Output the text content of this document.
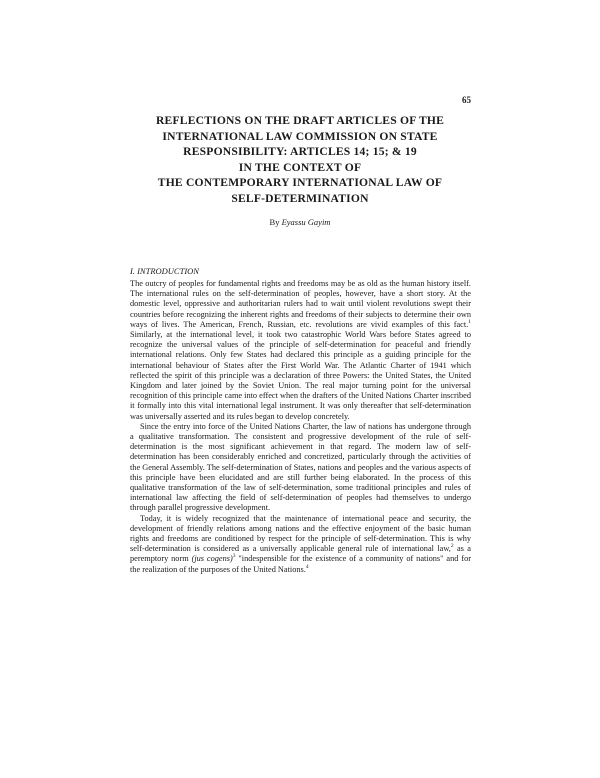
65
REFLECTIONS ON THE DRAFT ARTICLES OF THE
INTERNATIONAL LAW COMMISSION ON STATE
RESPONSIBILITY: ARTICLES 14; 15; & 19
IN THE CONTEXT OF
THE CONTEMPORARY INTERNATIONAL LAW OF
SELF-DETERMINATION
By Eyassu Gayim
I. INTRODUCTION

The outcry of peoples for fundamental rights and freedoms may be as old as the human history itself. The international rules on the self-determination of peoples, however, have a short story. At the domestic level, oppressive and authoritarian rulers had to wait until violent revolutions swept their countries before recognizing the inherent rights and freedoms of their subjects to determine their own ways of lives. The American, French, Russian, etc. revolutions are vivid examples of this fact.$^1$ Similarly, at the international level, it took two catastrophic World Wars before States agreed to recognize the universal values of the principle of self-determination for peaceful and friendly international relations. Only few States had declared this principle as a guiding principle for the international behaviour of States after the First World War. The Atlantic Charter of 1941 which reflected the spirit of this principle was a declaration of three Powers: the United States, the United Kingdom and later joined by the Soviet Union. The real major turning point for the universal recognition of this principle came into effect when the drafters of the United Nations Charter inscribed it formally into this vital international legal instrument. It was only thereafter that self-determination was universally asserted and its rules began to develop concretely.

Since the entry into force of the United Nations Charter, the law of nations has undergone through a qualitative transformation. The consistent and progressive development of the rule of self-determination is the most significant achievement in that regard. The modern law of self-determination has been considerably enriched and concretized, particularly through the activities of the General Assembly. The self-determination of States, nations and peoples and the various aspects of this principle have been elucidated and are still further being elaborated. In the process of this qualitative transformation of the law of self-determination, some traditional principles and rules of international law affecting the field of self-determination of peoples had themselves to undergo through parallel progressive development.

Today, it is widely recognized that the maintenance of international peace and security, the development of friendly relations among nations and the effective enjoyment of the basic human rights and freedoms are conditioned by respect for the principle of self-determination. This is why self-determination is considered as a universally applicable general rule of international law,$^2$ as a peremptory norm (jus cogens)$^3$ "indespensible for the existence of a community of nations" and for the realization of the purposes of the United Nations.$^4$
